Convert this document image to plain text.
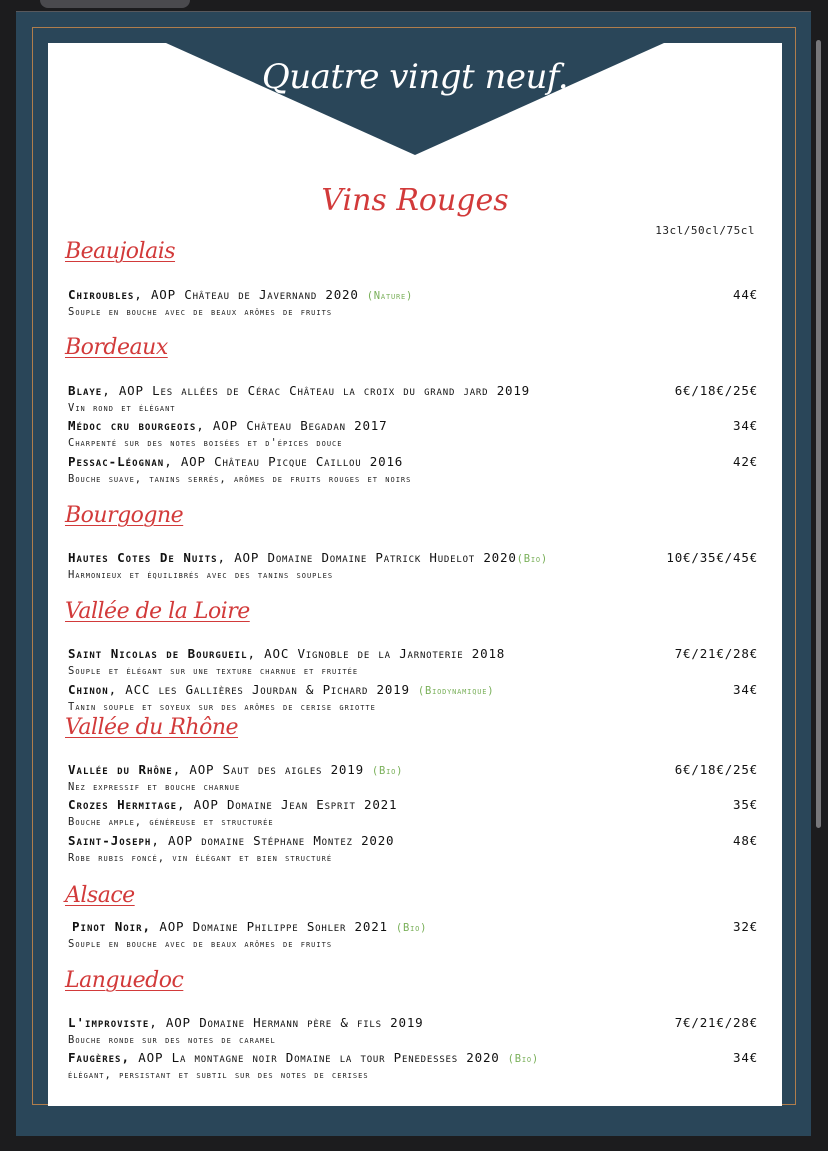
Quatre vingt neuf.
Vins Rouges
13cl/50cl/75cl
Beaujolais
Chiroubles, AOP Château de Javernand 2020 (Nature)	44€
Souple en bouche avec de beaux arômes de fruits
Bordeaux
Blaye, AOP Les allées de Cérac Château la croix du grand jard 2019	6€/18€/25€
Vin rond et élégant
Médoc cru bourgeois, AOP Château Begadan 2017	34€
Charpenté sur des notes boisées et d'épices douce
Pessac-Léognan, AOP Château Picque Caillou 2016	42€
Bouche suave, tanins serrés, arômes de fruits rouges et noirs
Bourgogne
Hautes Cotes De Nuits, AOP Domaine Domaine Patrick Hudelot 2020(Bio)	10€/35€/45€
Harmonieux et équilibrés avec des tanins souples
Vallée de la Loire
Saint Nicolas de Bourgueil, AOC Vignoble de la Jarnoterie 2018	7€/21€/28€
Souple et élégant sur une texture charnue et fruitée
Chinon, ACC les Gallières Jourdan & Pichard 2019 (Biodynamique)	34€
Tanin souple et soyeux sur des arômes de cerise griotte
Vallée du Rhône
Vallée du Rhône, AOP Saut des aigles 2019 (Bio)	6€/18€/25€
Nez expressif et bouche charnue
Crozes Hermitage, AOP Domaine Jean Esprit 2021	35€
Bouche ample, généreuse et structurée
Saint-Joseph, AOP domaine Stéphane Montez 2020	48€
Robe rubis foncé, vin élégant et bien structuré
Alsace
Pinot Noir, AOP Domaine Philippe Sohler 2021 (Bio)	32€
Souple en bouche avec de beaux arômes de fruits
Languedoc
L'improviste, AOP Domaine Hermann père & fils 2019	7€/21€/28€
Bouche ronde sur des notes de caramel
Faugères, AOP La montagne noir Domaine la tour Penedesses 2020 (Bio)	34€
élégant, persistant et subtil sur des notes de cerises
